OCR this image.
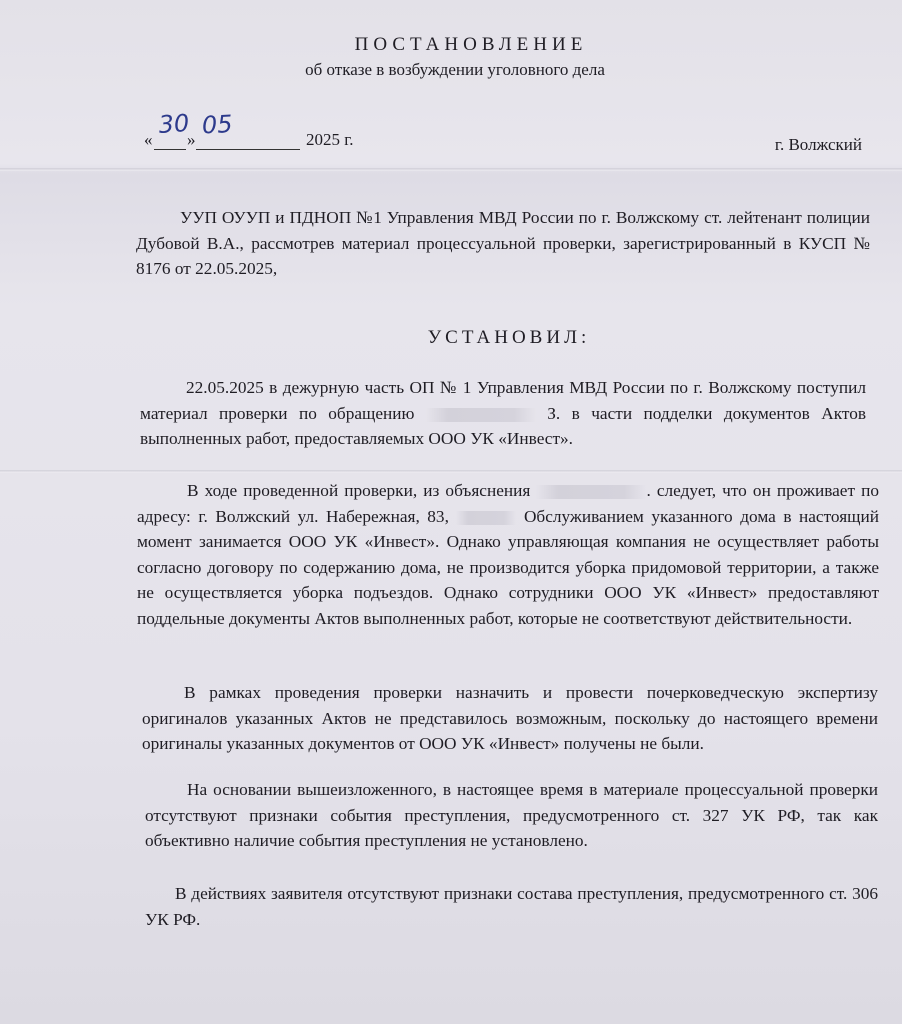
ПОСТАНОВЛЕНИЕ
об отказе в возбуждении уголовного дела
«
30
» 05	2025 г.	г. Волжский

УУП ОУУП и ПДНОП №1 Управления МВД России по г. Волжскому ст. лейтенант полиции Дубовой В.А., рассмотрев материал процессуальной проверки, зарегистрированный в КУСП № 8176 от 22.05.2025,

УСТАНОВИЛ:

22.05.2025 в дежурную часть ОП № 1 Управления МВД России по г. Волжскому поступил материал проверки по обращению	З. в части подделки документов Актов выполненных работ, предоставляемых ООО УК «Инвест».

В ходе проведенной проверки, из объяснения	. следует, что он проживает по адресу: г. Волжский ул. Набережная, 83,	Обслуживанием указанного дома в настоящий момент занимается ООО УК «Инвест». Однако управляющая компания не осуществляет работы согласно договору по содержанию дома, не производится уборка придомовой территории, а также не осуществляется уборка подъездов. Однако сотрудники ООО УК «Инвест» предоставляют поддельные документы Актов выполненных работ, которые не соответствуют действительности.

В рамках проведения проверки назначить и провести почерковедческую экспертизу оригиналов указанных Актов не представилось возможным, поскольку до настоящего времени оригиналы указанных документов от ООО УК «Инвест» получены не были.

На основании вышеизложенного, в настоящее время в материале процессуальной проверки отсутствуют признаки события преступления, предусмотренного ст. 327 УК РФ, так как объективно наличие события преступления не установлено.

В действиях заявителя отсутствуют признаки состава преступления, предусмотренного ст. 306 УК РФ.
